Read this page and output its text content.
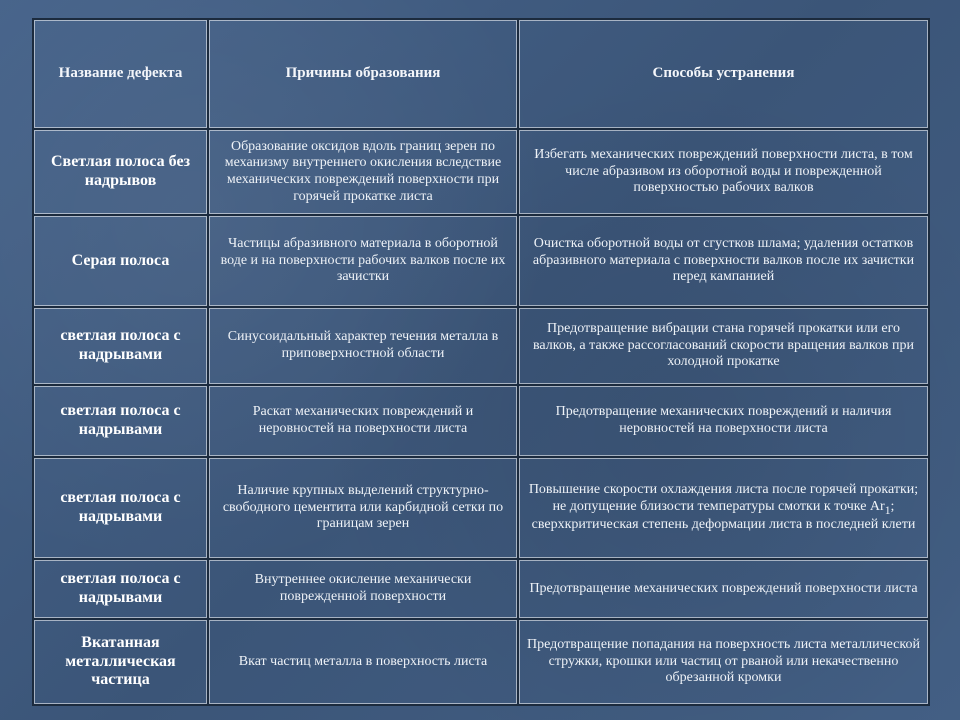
Название дефекта	Причины образования	Способы устранения
Светлая полоса без надрывов	Образование оксидов вдоль границ зерен по механизму внутреннего окисления вследствие механических повреждений поверхности при горячей прокатке листа	Избегать механических повреждений поверхности листа, в том числе абразивом из оборотной воды и поврежденной поверхностью рабочих валков
Серая полоса	Частицы абразивного материала в оборотной воде и на поверхности рабочих валков после их зачистки	Очистка оборотной воды от сгустков шлама; удаления остатков абразивного материала с поверхности валков после их зачистки перед кампанией
светлая полоса с надрывами	Синусоидальный характер течения металла в приповерхностной области	Предотвращение вибрации стана горячей прокатки или его валков, а также рассогласований скорости вращения валков при холодной прокатке
светлая полоса с надрывами	Раскат механических повреждений и неровностей на поверхности листа	Предотвращение механических повреждений и наличия неровностей на поверхности листа
светлая полоса с надрывами	Наличие крупных выделений структурно-свободного цементита или карбидной сетки по границам зерен	Повышение скорости охлаждения листа после горячей прокатки; не допущение близости температуры смотки к точке $Ar_1$; сверхкритическая степень деформации листа в последней клети
светлая полоса с надрывами	Внутреннее окисление механически поврежденной поверхности	Предотвращение механических повреждений поверхности листа
Вкатанная металлическая частица	Вкат частиц металла в поверхность листа	Предотвращение попадания на поверхность листа металлической стружки, крошки или частиц от рваной или некачественно обрезанной кромки
